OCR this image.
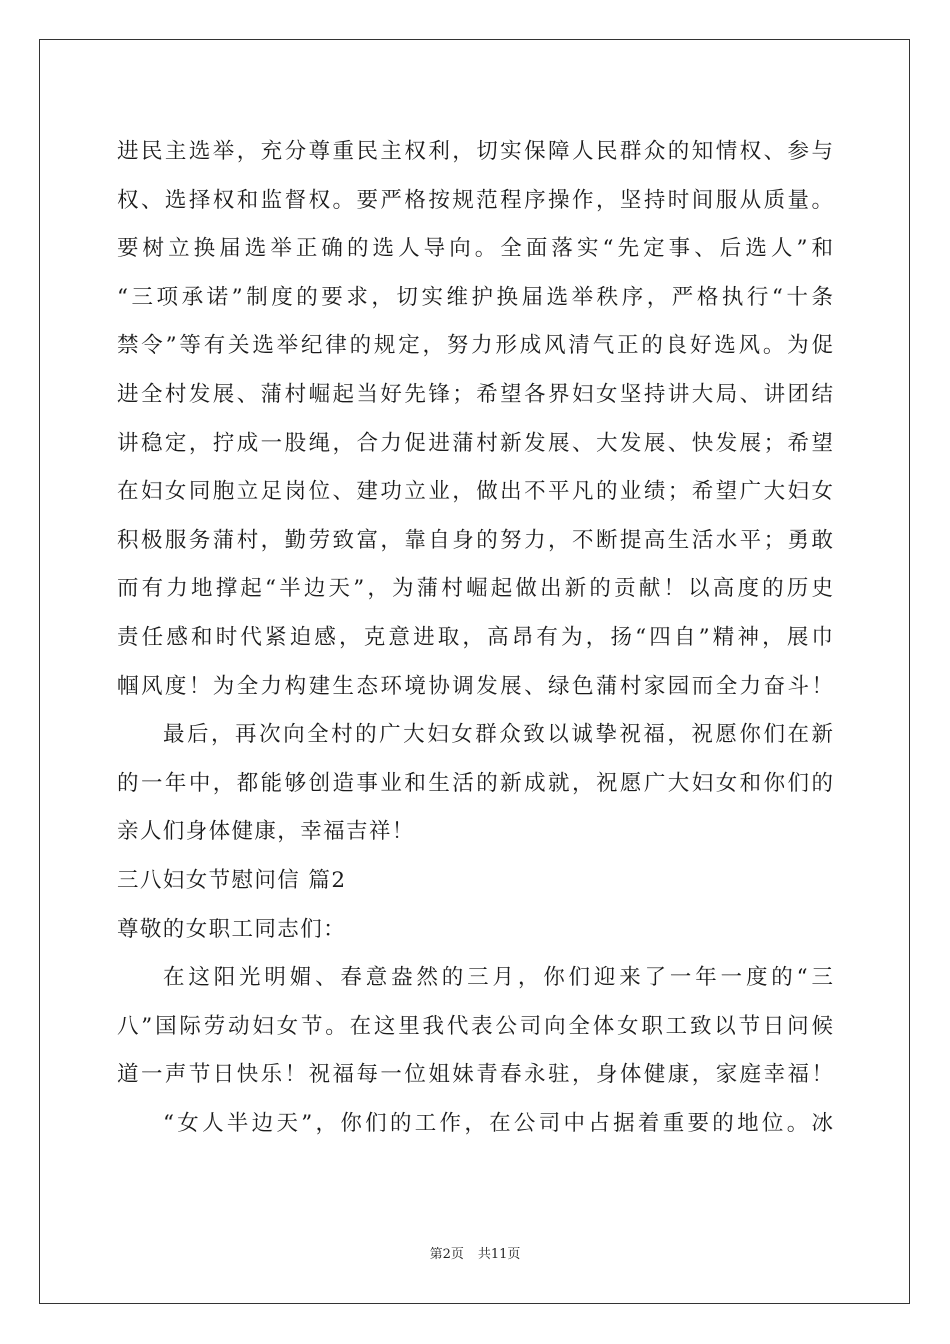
进民主选举，充分尊重民主权利，切实保障人民群众的知情权、参与
权、选择权和监督权。要严格按规范程序操作，坚持时间服从质量。
要树立换届选举正确的选人导向。全面落实“先定事、后选人”和
“三项承诺”制度的要求，切实维护换届选举秩序，严格执行“十条
禁令”等有关选举纪律的规定，努力形成风清气正的良好选风。为促
进全村发展、蒲村崛起当好先锋；希望各界妇女坚持讲大局、讲团结
讲稳定，拧成一股绳，合力促进蒲村新发展、大发展、快发展；希望
在妇女同胞立足岗位、建功立业，做出不平凡的业绩；希望广大妇女
积极服务蒲村，勤劳致富，靠自身的努力，不断提高生活水平；勇敢
而有力地撑起“半边天”，为蒲村崛起做出新的贡献！以高度的历史
责任感和时代紧迫感，克意进取，高昂有为，扬“四自”精神，展巾
帼风度！为全力构建生态环境协调发展、绿色蒲村家园而全力奋斗！
最后，再次向全村的广大妇女群众致以诚挚祝福，祝愿你们在新
的一年中，都能够创造事业和生活的新成就，祝愿广大妇女和你们的
亲人们身体健康，幸福吉祥！
三八妇女节慰问信 篇2
尊敬的女职工同志们：
在这阳光明媚、春意盎然的三月，你们迎来了一年一度的“三
八”国际劳动妇女节。在这里我代表公司向全体女职工致以节日问候
道一声节日快乐！祝福每一位姐妹青春永驻，身体健康，家庭幸福！
“女人半边天”，你们的工作，在公司中占据着重要的地位。冰
第2页 共11页
